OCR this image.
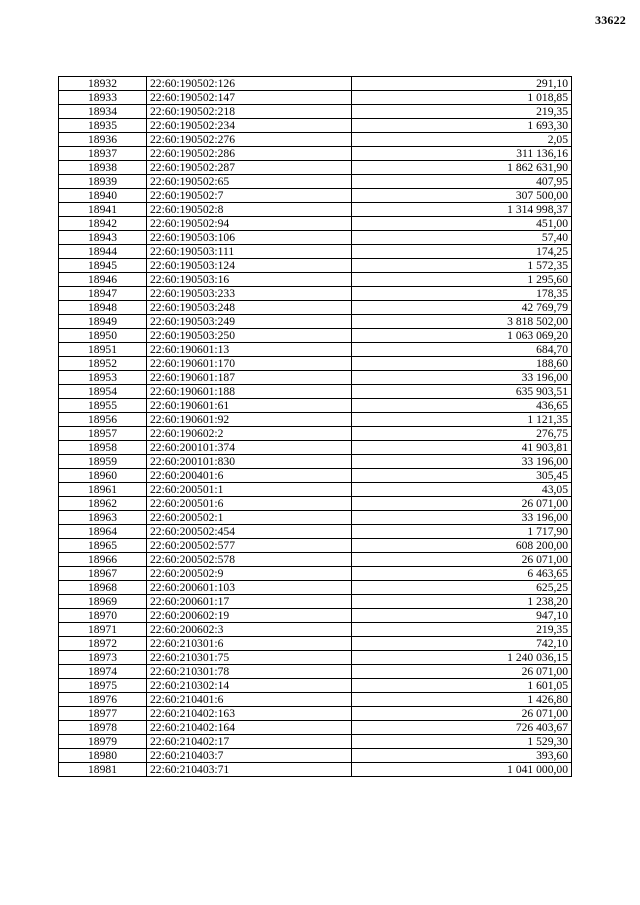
33622
18932	22:60:190502:126	291,10
18933	22:60:190502:147	1 018,85
18934	22:60:190502:218	219,35
18935	22:60:190502:234	1 693,30
18936	22:60:190502:276	2,05
18937	22:60:190502:286	311 136,16
18938	22:60:190502:287	1 862 631,90
18939	22:60:190502:65	407,95
18940	22:60:190502:7	307 500,00
18941	22:60:190502:8	1 314 998,37
18942	22:60:190502:94	451,00
18943	22:60:190503:106	57,40
18944	22:60:190503:111	174,25
18945	22:60:190503:124	1 572,35
18946	22:60:190503:16	1 295,60
18947	22:60:190503:233	178,35
18948	22:60:190503:248	42 769,79
18949	22:60:190503:249	3 818 502,00
18950	22:60:190503:250	1 063 069,20
18951	22:60:190601:13	684,70
18952	22:60:190601:170	188,60
18953	22:60:190601:187	33 196,00
18954	22:60:190601:188	635 903,51
18955	22:60:190601:61	436,65
18956	22:60:190601:92	1 121,35
18957	22:60:190602:2	276,75
18958	22:60:200101:374	41 903,81
18959	22:60:200101:830	33 196,00
18960	22:60:200401:6	305,45
18961	22:60:200501:1	43,05
18962	22:60:200501:6	26 071,00
18963	22:60:200502:1	33 196,00
18964	22:60:200502:454	1 717,90
18965	22:60:200502:577	608 200,00
18966	22:60:200502:578	26 071,00
18967	22:60:200502:9	6 463,65
18968	22:60:200601:103	625,25
18969	22:60:200601:17	1 238,20
18970	22:60:200602:19	947,10
18971	22:60:200602:3	219,35
18972	22:60:210301:6	742,10
18973	22:60:210301:75	1 240 036,15
18974	22:60:210301:78	26 071,00
18975	22:60:210302:14	1 601,05
18976	22:60:210401:6	1 426,80
18977	22:60:210402:163	26 071,00
18978	22:60:210402:164	726 403,67
18979	22:60:210402:17	1 529,30
18980	22:60:210403:7	393,60
18981	22:60:210403:71	1 041 000,00
